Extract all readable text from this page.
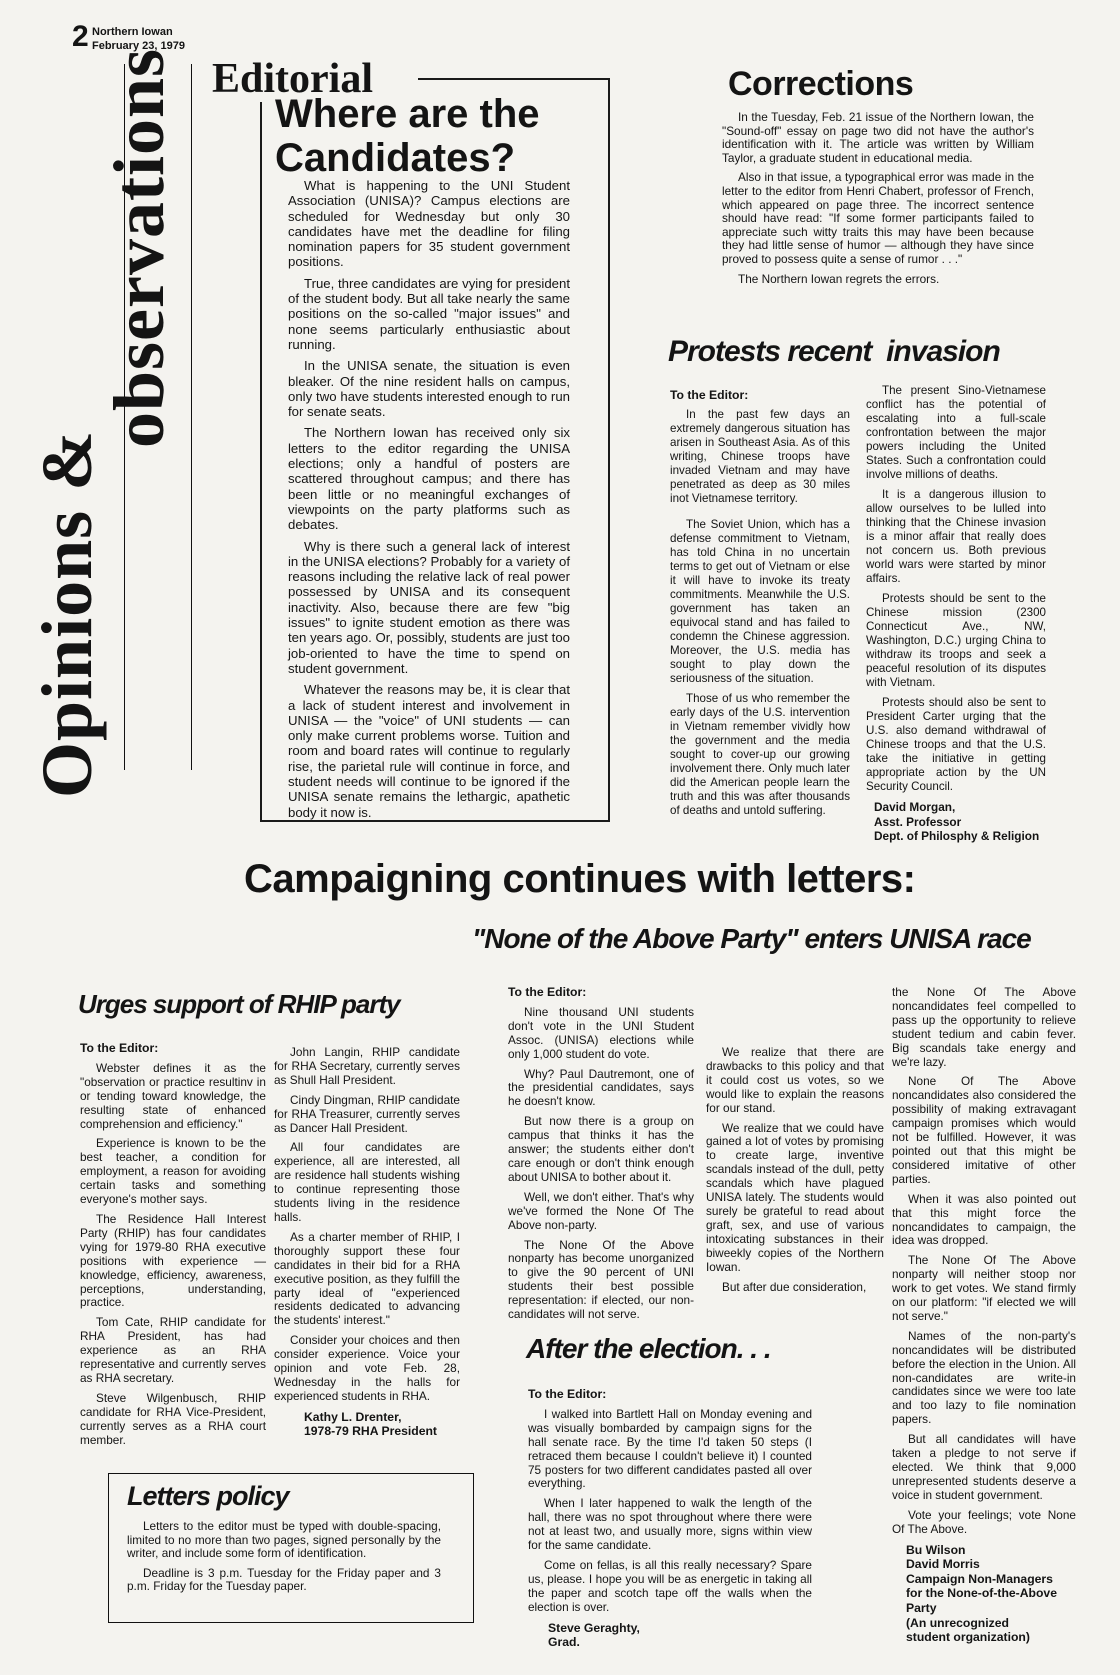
2 Northern Iowan
February 23, 1979
Opinions &
observations Editorial
Where are the
Candidates?

What is happening to the UNI Student Association (UNISA)? Campus elections are scheduled for Wednesday but only 30 candidates have met the deadline for filing nomination papers for 35 student government positions.

True, three candidates are vying for president of the student body. But all take nearly the same positions on the so-called "major issues" and none seems particularly enthusiastic about running.

In the UNISA senate, the situation is even bleaker. Of the nine resident halls on campus, only two have students interested enough to run for senate seats.

The Northern Iowan has received only six letters to the editor regarding the UNISA elections; only a handful of posters are scattered throughout campus; and there has been little or no meaningful exchanges of viewpoints on the party platforms such as debates.

Why is there such a general lack of interest in the UNISA elections? Probably for a variety of reasons including the relative lack of real power possessed by UNISA and its consequent inactivity. Also, because there are few "big issues" to ignite student emotion as there was ten years ago. Or, possibly, students are just too job-oriented to have the time to spend on student government.

Whatever the reasons may be, it is clear that a lack of student interest and involvement in UNISA — the "voice" of UNI students — can only make current problems worse. Tuition and room and board rates will continue to regularly rise, the parietal rule will continue in force, and student needs will continue to be ignored if the UNISA senate remains the lethargic, apathetic body it now is.

Corrections

In the Tuesday, Feb. 21 issue of the Northern Iowan, the "Sound-off" essay on page two did not have the author's identification with it. The article was written by William Taylor, a graduate student in educational media.

Also in that issue, a typographical error was made in the letter to the editor from Henri Chabert, professor of French, which appeared on page three. The incorrect sentence should have read: "If some former participants failed to appreciate such witty traits this may have been because they had little sense of humor — although they have since proved to possess quite a sense of rumor . . ."

The Northern Iowan regrets the errors.

Protests recent  invasion
To the Editor:

In the past few days an extremely dangerous situation has arisen in Southeast Asia. As of this writing, Chinese troops have invaded Vietnam and may have penetrated as deep as 30 miles inot Vietnamese territory.

The Soviet Union, which has a defense commitment to Vietnam, has told China in no uncertain terms to get out of Vietnam or else it will have to invoke its treaty commitments. Meanwhile the U.S. government has taken an equivocal stand and has failed to condemn the Chinese aggression. Moreover, the U.S. media has sought to play down the seriousness of the situation.

Those of us who remember the early days of the U.S. intervention in Vietnam remember vividly how the government and the media sought to cover-up our growing involvement there. Only much later did the American people learn the truth and this was after thousands of deaths and untold suffering.

The present Sino-Vietnamese conflict has the potential of escalating into a full-scale confrontation between the major powers including the United States. Such a confrontation could involve millions of deaths.

It is a dangerous illusion to allow ourselves to be lulled into thinking that the Chinese invasion is a minor affair that really does not concern us. Both previous world wars were started by minor affairs.

Protests should be sent to the Chinese mission (2300 Connecticut Ave., NW, Washington, D.C.) urging China to withdraw its troops and seek a peaceful resolution of its disputes with Vietnam.

Protests should also be sent to President Carter urging that the U.S. also demand withdrawal of Chinese troops and that the U.S. take the initiative in getting appropriate action by the UN Security Council.

David Morgan,
Asst. Professor
Dept. of Philosphy & Religion
Campaigning continues with letters:
"None of the Above Party" enters UNISA race
Urges support of RHIP party
To the Editor:

Webster defines it as the "observation or practice resultinv in or tending toward knowledge, the resulting state of enhanced comprehension and efficiency."

Experience is known to be the best teacher, a condition for employment, a reason for avoiding certain tasks and something everyone's mother says.

The Residence Hall Interest Party (RHIP) has four candidates vying for 1979-80 RHA executive positions with experience — knowledge, efficiency, awareness, perceptions, understanding, practice.

Tom Cate, RHIP candidate for RHA President, has had experience as an RHA representative and currently serves as RHA secretary.

Steve Wilgenbusch, RHIP candidate for RHA Vice-President, currently serves as a RHA court member.

John Langin, RHIP candidate for RHA Secretary, currently serves as Shull Hall President.

Cindy Dingman, RHIP candidate for RHA Treasurer, currently serves as Dancer Hall President.

All four candidates are experience, all are interested, all are residence hall students wishing to continue representing those students living in the residence halls.

As a charter member of RHIP, I thoroughly support these four candidates in their bid for a RHA executive position, as they fulfill the party ideal of "experienced residents dedicated to advancing the students' interest."

Consider your choices and then consider experience. Voice your opinion and vote Feb. 28, Wednesday in the halls for experienced students in RHA.

Kathy L. Drenter,
1978-79 RHA President
Letters policy

Letters to the editor must be typed with double-spacing, limited to no more than two pages, signed personally by the writer, and include some form of identification.

Deadline is 3 p.m. Tuesday for the Friday paper and 3 p.m. Friday for the Tuesday paper.

To the Editor:

Nine thousand UNI students don't vote in the UNI Student Assoc. (UNISA) elections while only 1,000 student do vote.

Why? Paul Dautremont, one of the presidential candidates, says he doesn't know.

But now there is a group on campus that thinks it has the answer; the students either don't care enough or don't think enough about UNISA to bother about it.

Well, we don't either. That's why we've formed the None Of The Above non-party.

The None Of the Above nonparty has become unorganized to give the 90 percent of UNI students their best possible representation: if elected, our non-candidates will not serve.

We realize that there are drawbacks to this policy and that it could cost us votes, so we would like to explain the reasons for our stand.

We realize that we could have gained a lot of votes by promising to create large, inventive scandals instead of the dull, petty scandals which have plagued UNISA lately. The students would surely be grateful to read about graft, sex, and use of various intoxicating substances in their biweekly copies of the Northern Iowan.

But after due consideration,

the None Of The Above noncandidates feel compelled to pass up the opportunity to relieve student tedium and cabin fever. Big scandals take energy and we're lazy.

None Of The Above noncandidates also considered the possibility of making extravagant campaign promises which would not be fulfilled. However, it was pointed out that this might be considered imitative of other parties.

When it was also pointed out that this might force the noncandidates to campaign, the idea was dropped.

The None Of The Above nonparty will neither stoop nor work to get votes. We stand firmly on our platform: "if elected we will not serve."

Names of the non-party's noncandidates will be distributed before the election in the Union. All non-candidates are write-in candidates since we were too late and too lazy to file nomination papers.

But all candidates will have taken a pledge to not serve if elected. We think that 9,000 unrepresented students deserve a voice in student government.

Vote your feelings; vote None Of The Above.

Bu Wilson
David Morris
Campaign Non-Managers
for the None-of-the-Above
Party
(An unrecognized
student organization)
After the election. . .
To the Editor:

I walked into Bartlett Hall on Monday evening and was visually bombarded by campaign signs for the hall senate race. By the time I'd taken 50 steps (I retraced them because I couldn't believe it) I counted 75 posters for two different candidates pasted all over everything.

When I later happened to walk the length of the hall, there was no spot throughout where there were not at least two, and usually more, signs within view for the same candidate.

Come on fellas, is all this really necessary? Spare us, please. I hope you will be as energetic in taking all the paper and scotch tape off the walls when the election is over.

Steve Geraghty,
Grad.
